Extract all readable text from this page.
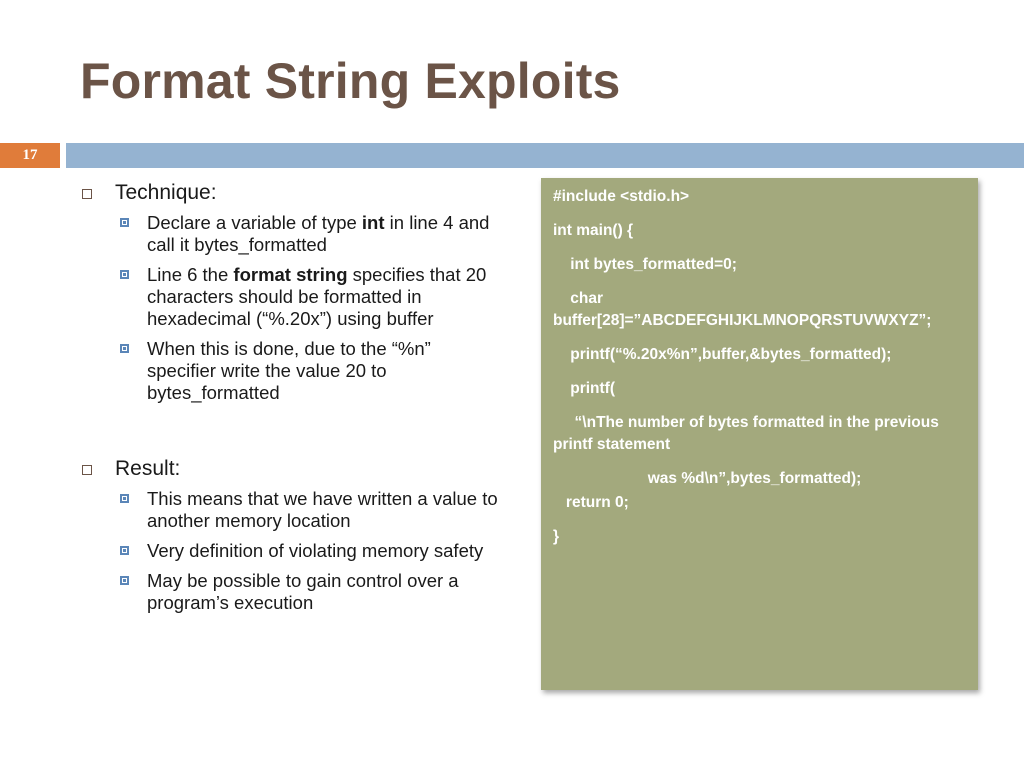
Format String Exploits
17
Technique:
Declare a variable of type int in line 4 and call it bytes_formatted
Line 6 the format string specifies that 20 characters should be formatted in hexadecimal (“%.20x”) using buffer
When this is done, due to the “%n” specifier write the value 20 to bytes_formatted
Result:
This means that we have written a value to another memory location
Very definition of violating memory safety
May be possible to gain control over a program’s execution
#include <stdio.h>
int main() {
int bytes_formatted=0;
char buffer[28]=”ABCDEFGHIJKLMNOPQRSTUVWXYZ”;
printf(“%.20x%n”,buffer,&bytes_formatted);
printf(
“\nThe number of bytes formatted in the previous printf statement
was %d\n”,bytes_formatted);
return 0;
}
